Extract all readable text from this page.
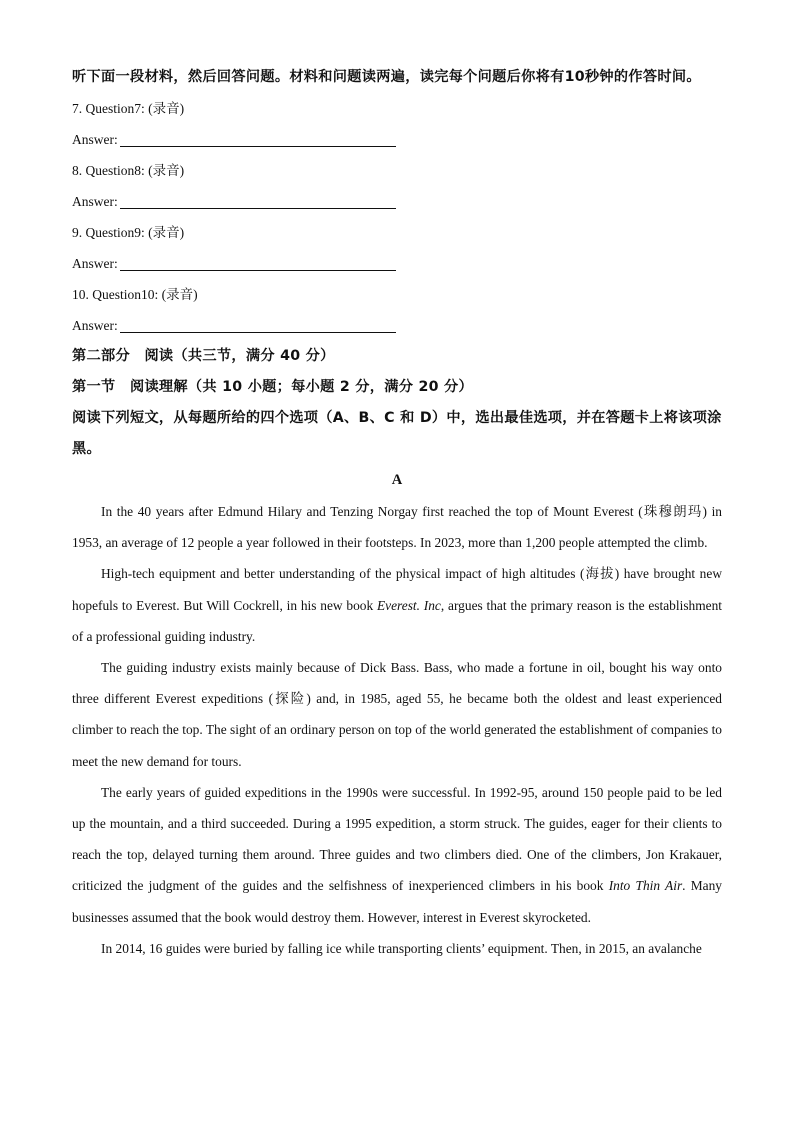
听下面一段材料，然后回答问题。材料和问题读两遍，读完每个问题后你将有10秒钟的作答时间。
7. Question7: (录音)
Answer:
8. Question8: (录音)
Answer:
9. Question9: (录音)
Answer:
10. Question10: (录音)
Answer:
第二部分　阅读（共三节，满分 40 分）
第一节　阅读理解（共 10 小题；每小题 2 分，满分 20 分）
阅读下列短文，从每题所给的四个选项（A、B、C 和 D）中，选出最佳选项，并在答题卡上将该项涂黑。
A

In the 40 years after Edmund Hilary and Tenzing Norgay first reached the top of Mount Everest (珠穆朗玛) in 1953, an average of 12 people a year followed in their footsteps. In 2023, more than 1,200 people attempted the climb.

High-tech equipment and better understanding of the physical impact of high altitudes (海拔) have brought new hopefuls to Everest. But Will Cockrell, in his new book Everest. Inc, argues that the primary reason is the establishment of a professional guiding industry.

The guiding industry exists mainly because of Dick Bass. Bass, who made a fortune in oil, bought his way onto three different Everest expeditions (探险) and, in 1985, aged 55, he became both the oldest and least experienced climber to reach the top. The sight of an ordinary person on top of the world generated the establishment of companies to meet the new demand for tours.

The early years of guided expeditions in the 1990s were successful. In 1992-95, around 150 people paid to be led up the mountain, and a third succeeded. During a 1995 expedition, a storm struck. The guides, eager for their clients to reach the top, delayed turning them around. Three guides and two climbers died. One of the climbers, Jon Krakauer, criticized the judgment of the guides and the selfishness of inexperienced climbers in his book Into Thin Air. Many businesses assumed that the book would destroy them. However, interest in Everest skyrocketed.

In 2014, 16 guides were buried by falling ice while transporting clients’ equipment. Then, in 2015, an avalanche
